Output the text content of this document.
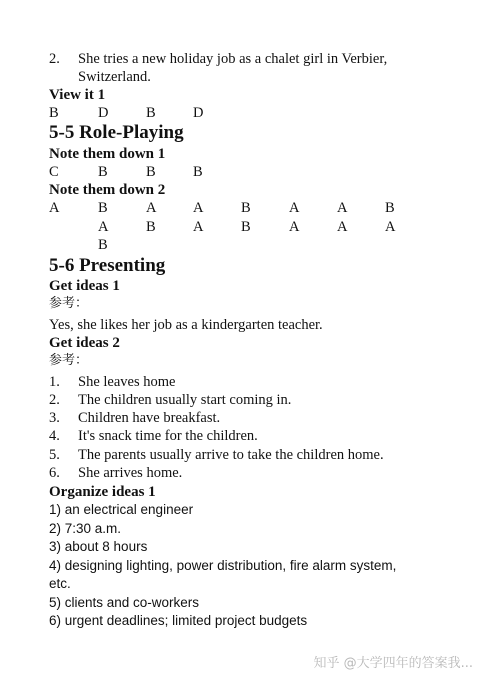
2.	She tries a new holiday job as a chalet girl in Verbier,
Switzerland.
View it 1
B	D	B	D
5-5 Role-Playing
Note them down 1
C	B	B	B
Note them down 2
A	B	A	A	B	A	A	B
A	B	A	B	A	A	A
B
5-6 Presenting
Get ideas 1
参考：
Yes, she likes her job as a kindergarten teacher.
Get ideas 2
参考：
1.	She leaves home
2.	The children usually start coming in.
3.	Children have breakfast.
4.	It's snack time for the children.
5.	The parents usually arrive to take the children home.
6.	She arrives home.
Organize ideas 1
1) an electrical engineer
2) 7:30 a.m.
3) about 8 hours
4) designing lighting, power distribution, fire alarm system,
etc.
5) clients and co-workers
6) urgent deadlines; limited project budgets
知乎 @大学四年的答案我...
